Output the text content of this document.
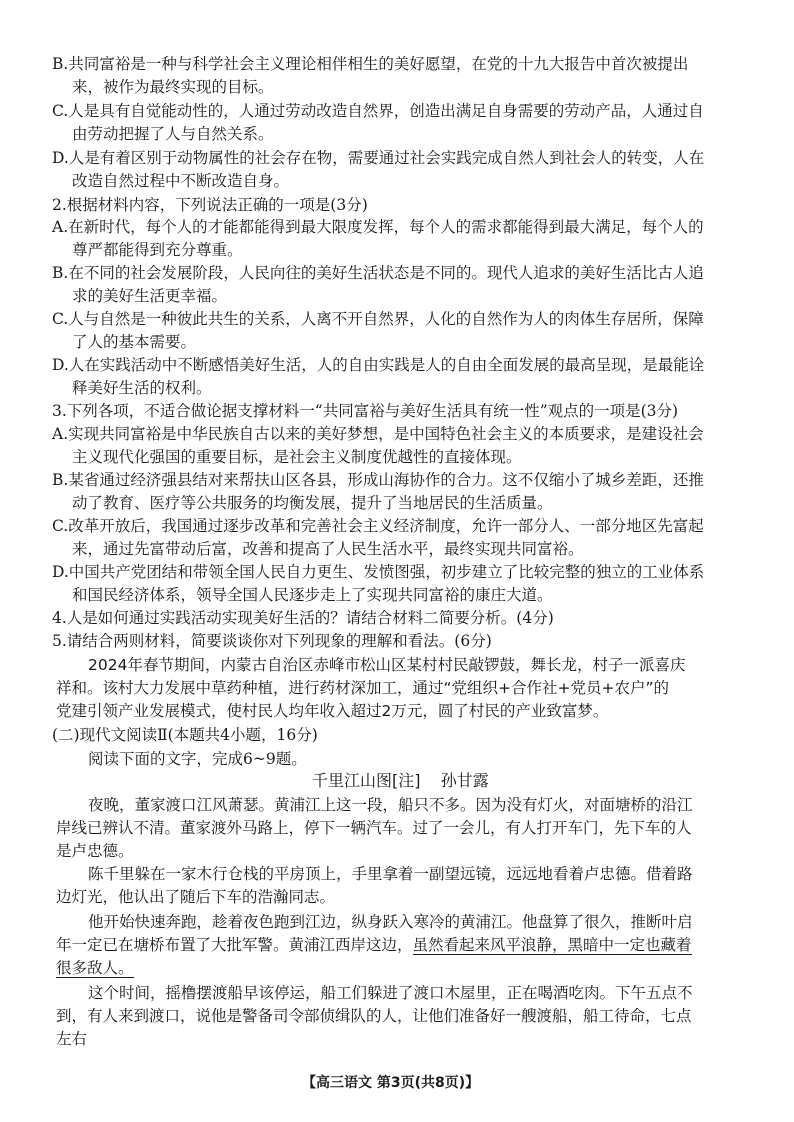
B.共同富裕是一种与科学社会主义理论相伴相生的美好愿望，在党的十九大报告中首次被提出
来，被作为最终实现的目标。
C.人是具有自觉能动性的，人通过劳动改造自然界，创造出满足自身需要的劳动产品，人通过自
由劳动把握了人与自然关系。
D.人是有着区别于动物属性的社会存在物，需要通过社会实践完成自然人到社会人的转变，人在
改造自然过程中不断改造自身。
2.根据材料内容，下列说法正确的一项是(3分)
A.在新时代，每个人的才能都能得到最大限度发挥，每个人的需求都能得到最大满足，每个人的
尊严都能得到充分尊重。
B.在不同的社会发展阶段，人民向往的美好生活状态是不同的。现代人追求的美好生活比古人追
求的美好生活更幸福。
C.人与自然是一种彼此共生的关系，人离不开自然界，人化的自然作为人的肉体生存居所，保障
了人的基本需要。
D.人在实践活动中不断感悟美好生活，人的自由实践是人的自由全面发展的最高呈现，是最能诠
释美好生活的权利。
3.下列各项，不适合做论据支撑材料一“共同富裕与美好生活具有统一性”观点的一项是(3分)
A.实现共同富裕是中华民族自古以来的美好梦想，是中国特色社会主义的本质要求，是建设社会
主义现代化强国的重要目标，是社会主义制度优越性的直接体现。
B.某省通过经济强县结对来帮扶山区各县，形成山海协作的合力。这不仅缩小了城乡差距，还推
动了教育、医疗等公共服务的均衡发展，提升了当地居民的生活质量。
C.改革开放后，我国通过逐步改革和完善社会主义经济制度，允许一部分人、一部分地区先富起
来，通过先富带动后富，改善和提高了人民生活水平，最终实现共同富裕。
D.中国共产党团结和带领全国人民自力更生、发愤图强，初步建立了比较完整的独立的工业体系
和国民经济体系，领导全国人民逐步走上了实现共同富裕的康庄大道。
4.人是如何通过实践活动实现美好生活的？请结合材料二简要分析。(4分)
5.请结合两则材料，简要谈谈你对下列现象的理解和看法。(6分)
2024年春节期间，内蒙古自治区赤峰市松山区某村村民敲锣鼓，舞长龙，村子一派喜庆
祥和。该村大力发展中草药种植，进行药材深加工，通过“党组织+合作社+党员+农户”的
党建引领产业发展模式，使村民人均年收入超过2万元，圆了村民的产业致富梦。
(二)现代文阅读Ⅱ(本题共4小题，16分)
阅读下面的文字，完成6~9题。
千里江山图[注] 孙甘露
夜晚，董家渡口江风萧瑟。黄浦江上这一段，船只不多。因为没有灯火，对面塘桥的沿江
岸线已辨认不清。董家渡外马路上，停下一辆汽车。过了一会儿，有人打开车门，先下车的人
是卢忠德。
陈千里躲在一家木行仓栈的平房顶上，手里拿着一副望远镜，远远地看着卢忠德。借着路
边灯光，他认出了随后下车的浩瀚同志。
他开始快速奔跑，趁着夜色跑到江边，纵身跃入寒冷的黄浦江。他盘算了很久，推断叶启
年一定已在塘桥布置了大批军警。黄浦江西岸这边，虽然看起来风平浪静，黑暗中一定也藏着
很多敌人。
这个时间，摇橹摆渡船早该停运，船工们躲进了渡口木屋里，正在喝酒吃肉。下午五点不
到，有人来到渡口，说他是警备司令部侦缉队的人，让他们准备好一艘渡船，船工待命，七点
左右
【高三语文 第3页(共8页)】
